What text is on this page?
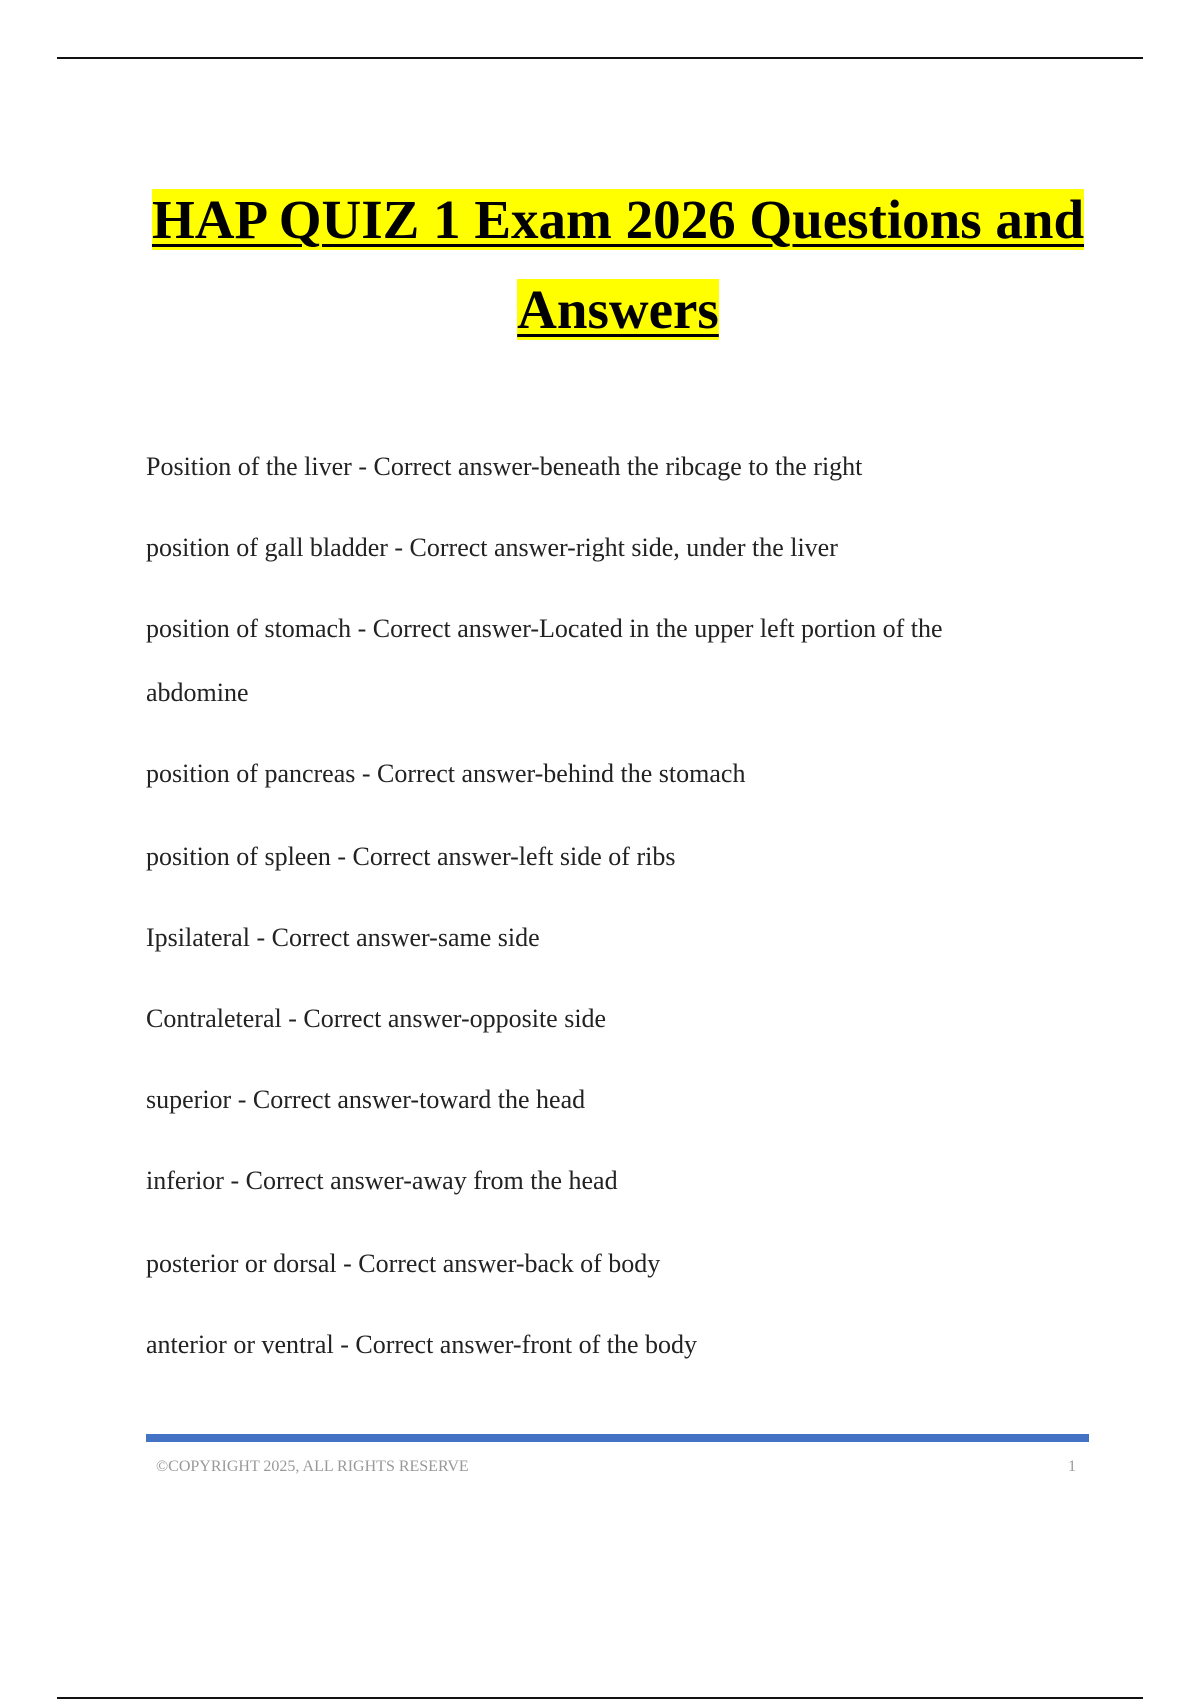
HAP QUIZ 1 Exam 2026 Questions and
Answers
Position of the liver - Correct answer-beneath the ribcage to the right
position of gall bladder - Correct answer-right side, under the liver
position of stomach - Correct answer-Located in the upper left portion of the
abdomine
position of pancreas - Correct answer-behind the stomach
position of spleen - Correct answer-left side of ribs
Ipsilateral - Correct answer-same side
Contraleteral - Correct answer-opposite side
superior - Correct answer-toward the head
inferior - Correct answer-away from the head
posterior or dorsal - Correct answer-back of body
anterior or ventral - Correct answer-front of the body
©COPYRIGHT 2025, ALL RIGHTS RESERVE	1
